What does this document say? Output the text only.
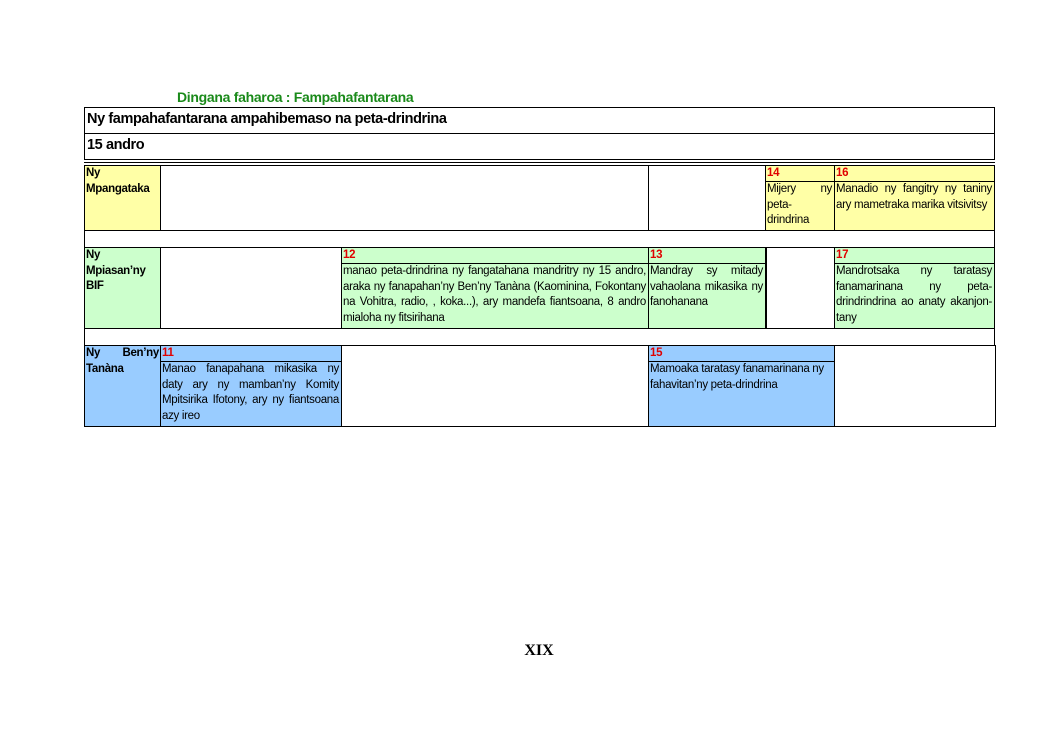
Dingana faharoa : Fampahafantarana
Ny fampahafantarana ampahibemaso na peta-drindrina
15 andro
Ny Mpangataka
14
Mijery ny peta-drindrina
16
Manadio ny fangitry ny taniny ary mametraka marika vitsivitsy
Ny Mpiasan’ny BIF
12
manao peta-drindrina ny fangatahana mandritry ny 15 andro, araka ny fanapahan’ny Ben’ny Tanàna (Kaominina, Fokontany na Vohitra, radio, , koka...), ary mandefa fiantsoana, 8 andro mialoha ny fitsirihana
13
Mandray sy mitady vahaolana mikasika ny fanohanana
17
Mandrotsaka ny taratasy fanamarinana ny peta-drindrindrina ao anaty akanjon-tany
Ny Ben’ny Tanàna
11
Manao fanapahana mikasika ny daty ary ny mamban’ny Komity Mpitsirika Ifotony, ary ny fiantsoana azy ireo
15
Mamoaka taratasy fanamarinana ny fahavitan’ny peta-drindrina
XIX
